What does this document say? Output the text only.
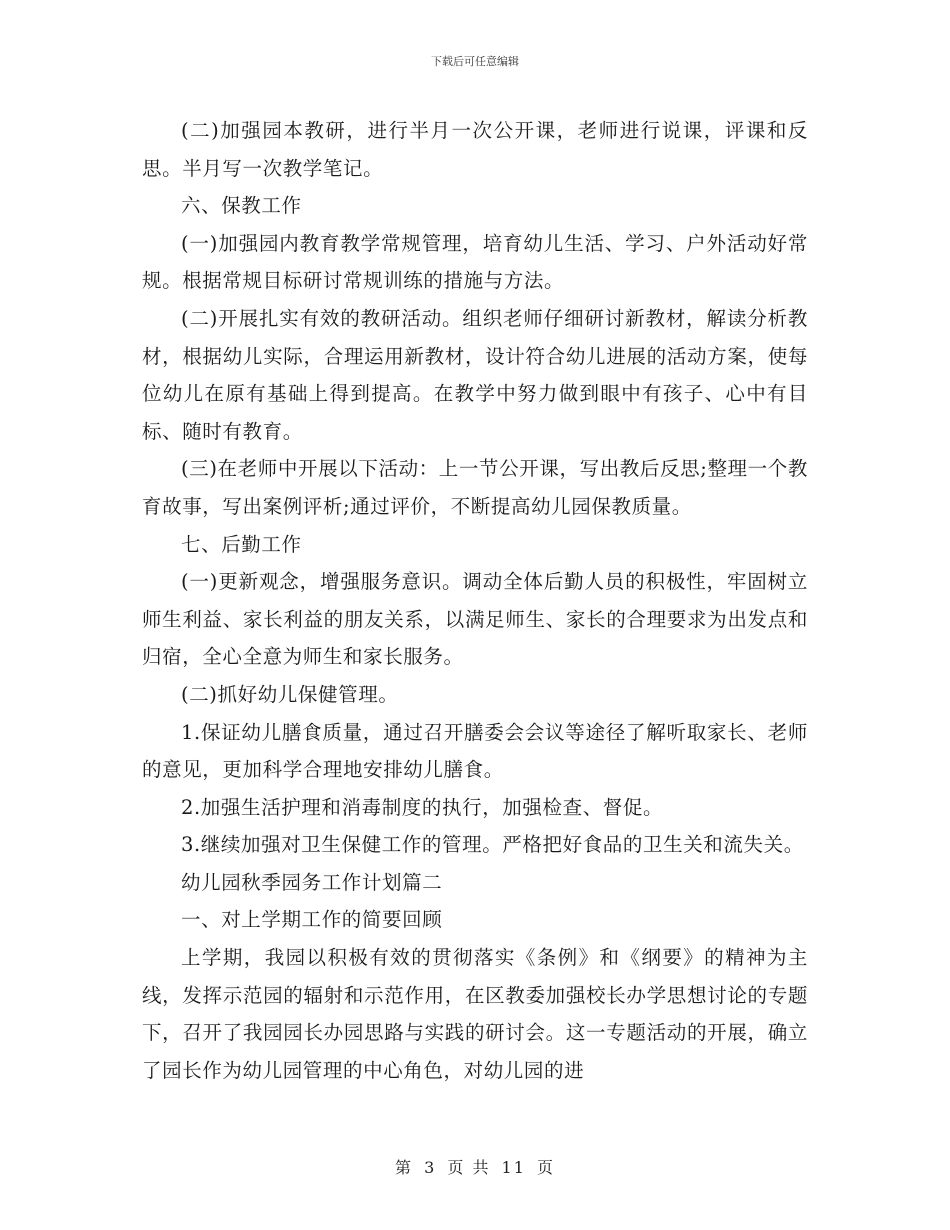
下载后可任意编辑

(二)加强园本教研，进行半月一次公开课，老师进行说课，评课和反思。半月写一次教学笔记。

六、保教工作

(一)加强园内教育教学常规管理，培育幼儿生活、学习、户外活动好常规。根据常规目标研讨常规训练的措施与方法。

(二)开展扎实有效的教研活动。组织老师仔细研讨新教材，解读分析教材，根据幼儿实际，合理运用新教材，设计符合幼儿进展的活动方案，使每位幼儿在原有基础上得到提高。在教学中努力做到眼中有孩子、心中有目标、随时有教育。

(三)在老师中开展以下活动：上一节公开课，写出教后反思;整理一个教育故事，写出案例评析;通过评价，不断提高幼儿园保教质量。

七、后勤工作

(一)更新观念，增强服务意识。调动全体后勤人员的积极性，牢固树立师生利益、家长利益的朋友关系，以满足师生、家长的合理要求为出发点和归宿，全心全意为师生和家长服务。

(二)抓好幼儿保健管理。

1.保证幼儿膳食质量，通过召开膳委会会议等途径了解听取家长、老师的意见，更加科学合理地安排幼儿膳食。

2.加强生活护理和消毒制度的执行，加强检查、督促。

3.继续加强对卫生保健工作的管理。严格把好食品的卫生关和流失关。

幼儿园秋季园务工作计划篇二

一、对上学期工作的简要回顾

上学期，我园以积极有效的贯彻落实《条例》和《纲要》的精神为主线，发挥示范园的辐射和示范作用，在区教委加强校长办学思想讨论的专题下，召开了我园园长办园思路与实践的研讨会。这一专题活动的开展，确立了园长作为幼儿园管理的中心角色，对幼儿园的进

第 3 页 共 11 页
